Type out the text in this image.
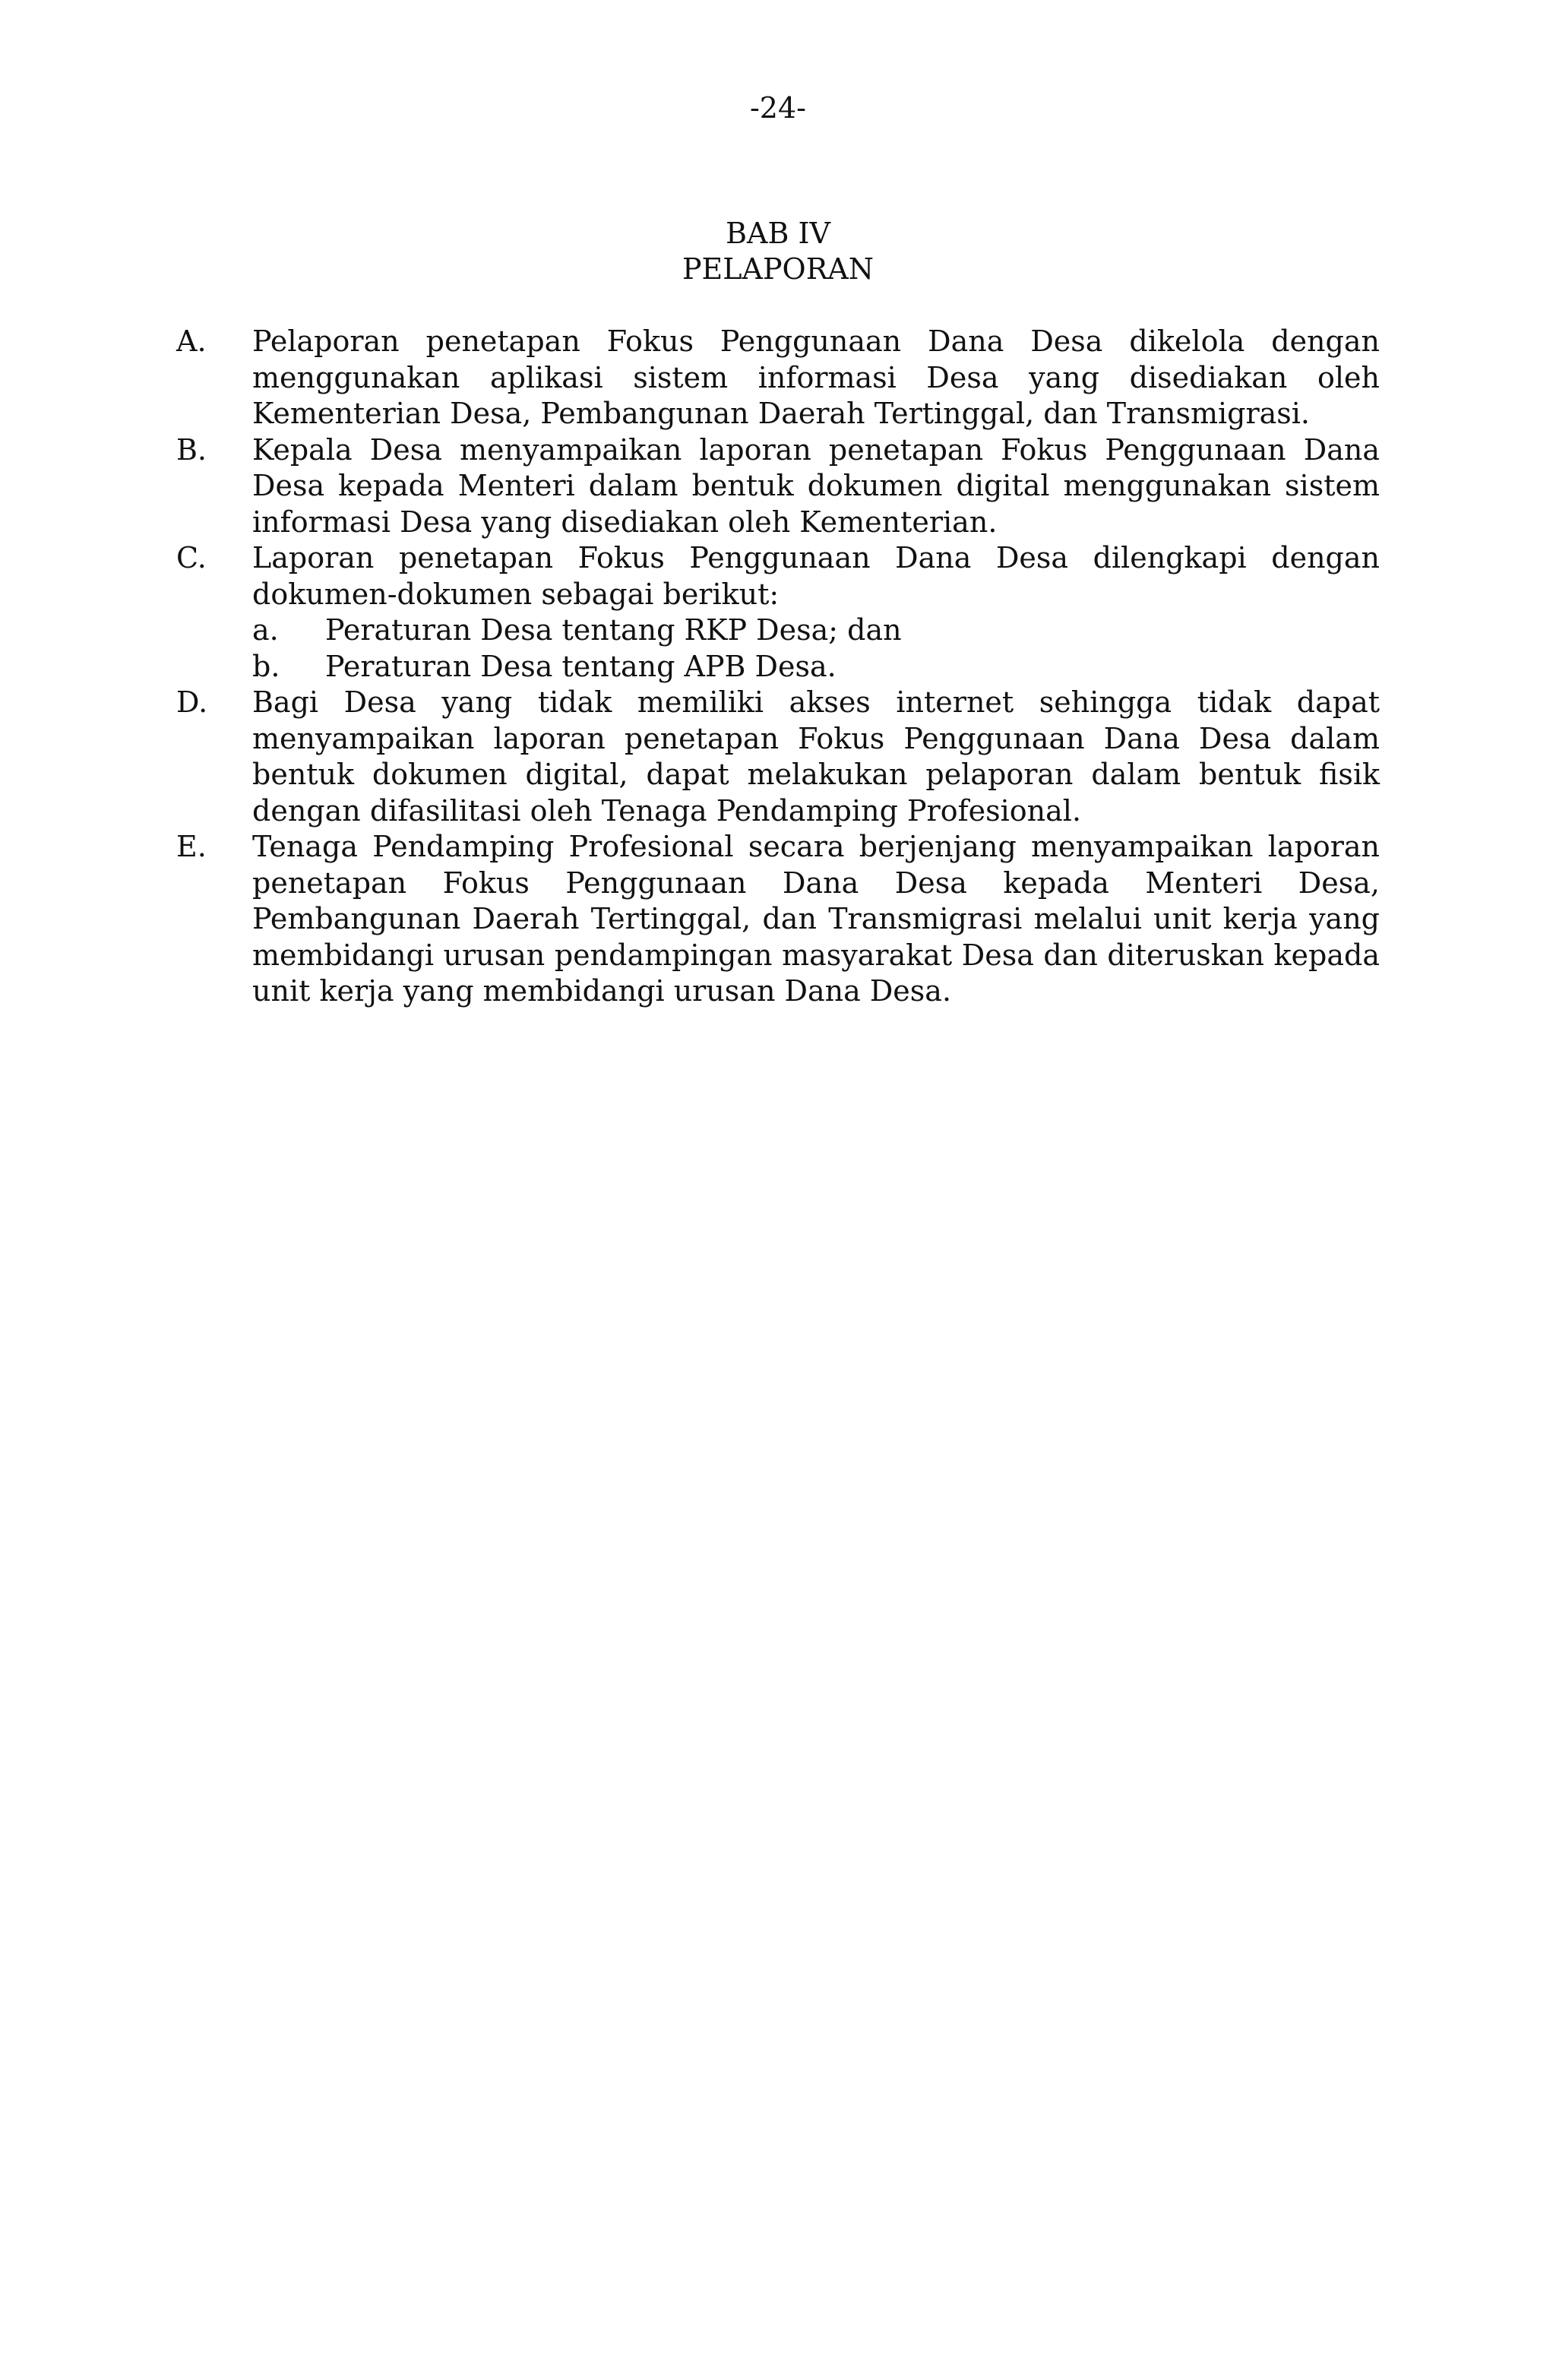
-24-
BAB IV
PELAPORAN
A.	Pelaporan penetapan Fokus Penggunaan Dana Desa dikelola dengan menggunakan aplikasi sistem informasi Desa yang disediakan oleh Kementerian Desa, Pembangunan Daerah Tertinggal, dan Transmigrasi.
B.	Kepala Desa menyampaikan laporan penetapan Fokus Penggunaan Dana Desa kepada Menteri dalam bentuk dokumen digital menggunakan sistem informasi Desa yang disediakan oleh Kementerian.
C.	Laporan penetapan Fokus Penggunaan Dana Desa dilengkapi dengan dokumen-dokumen sebagai berikut:
a.	Peraturan Desa tentang RKP Desa; dan
b.	Peraturan Desa tentang APB Desa.
D.	Bagi Desa yang tidak memiliki akses internet sehingga tidak dapat menyampaikan laporan penetapan Fokus Penggunaan Dana Desa dalam bentuk dokumen digital, dapat melakukan pelaporan dalam bentuk fisik dengan difasilitasi oleh Tenaga Pendamping Profesional.
E.	Tenaga Pendamping Profesional secara berjenjang menyampaikan laporan penetapan Fokus Penggunaan Dana Desa kepada Menteri Desa, Pembangunan Daerah Tertinggal, dan Transmigrasi melalui unit kerja yang membidangi urusan pendampingan masyarakat Desa dan diteruskan kepada unit kerja yang membidangi urusan Dana Desa.
